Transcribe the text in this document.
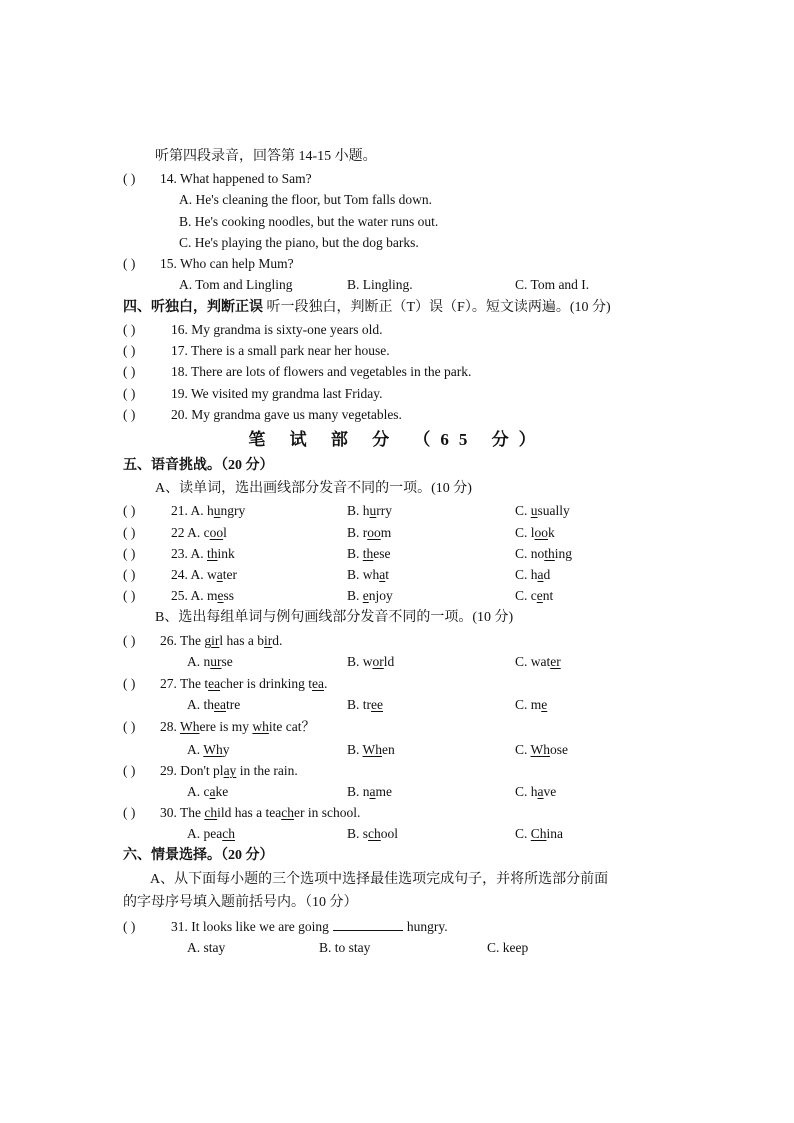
听第四段录音，回答第 14-15 小题。
( ) 14. What happened to Sam?
A. He's cleaning the floor, but Tom falls down.
B. He's cooking noodles, but the water runs out.
C. He's playing the piano, but the dog barks.
( ) 15. Who can help Mum?
A. Tom and Lingling	B. Lingling.	C. Tom and I.
四、听独白，判断正误 听一段独白，判断正（T）误（F）。短文读两遍。(10 分)
( )	16. My grandma is sixty-one years old.
( )	17. There is a small park near her house.
( )	18. There are lots of flowers and vegetables in the park.
( )	19. We visited my grandma last Friday.
( )	20. My grandma gave us many vegetables.
笔 试 部 分 （65 分）
五、语音挑战。（20 分）
A、读单词，选出画线部分发音不同的一项。(10 分)
( )	21. A. hungry	B. hurry	C. usually
( )	22 A. cool	B. room	C. look
( )	23. A. think	B. these	C. nothing
( )	24. A. water	B. what	C. had
( )	25. A. mess	B. enjoy	C. cent
B、选出每组单词与例句画线部分发音不同的一项。(10 分)
( ) 26. The girl has a bird.
A. nurse	B. world	C. water
( ) 27. The teacher is drinking tea.
A. theatre	B. tree	C. me
( ) 28. Where is my white cat？
A. Why	B. When	C. Whose
( ) 29. Don't play in the rain.
A. cake	B. name	C. have
( ) 30. The child has a teacher in school.
A. peach	B. school	C. China
六、情景选择。（20 分）
A、从下面每小题的三个选项中选择最佳选项完成句子，并将所选部分前面
的字母序号填入题前括号内。（10 分）
( )	31. It looks like we are going	hungry.
A. stay	B. to stay	C. keep
